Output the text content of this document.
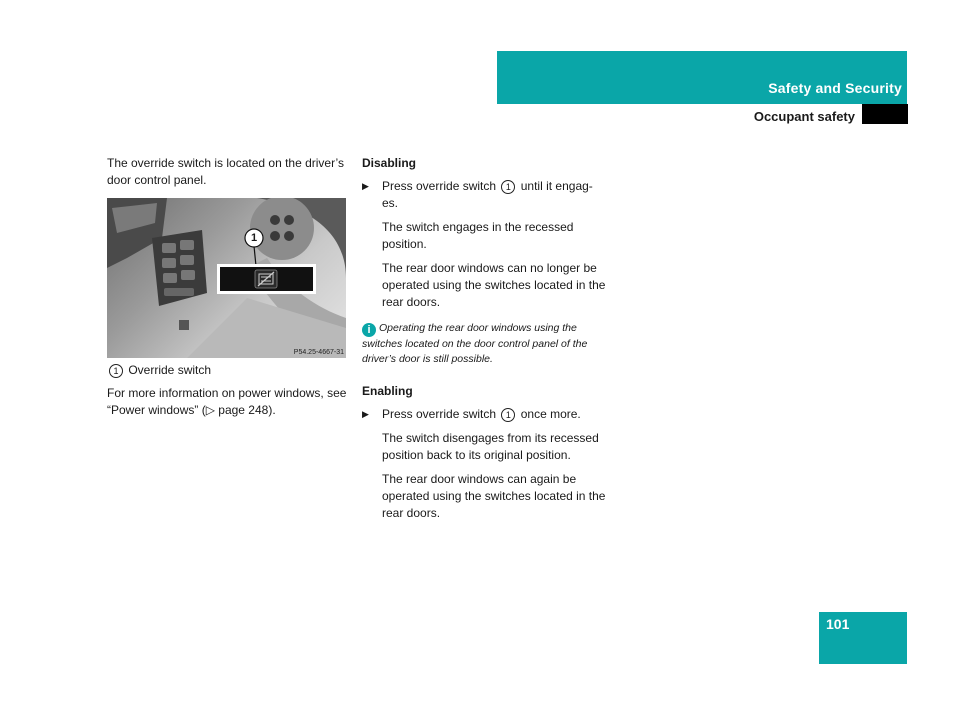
Safety and Security
Occupant safety

The override switch is located on the driver’s door control panel.

1
P54.25-4667-31

1 Override switch

For more information on power windows, see “Power windows” (▷ page 248).

Disabling

▶ Press override switch 1 until it engag-es.

The switch engages in the recessed position.

The rear door windows can no longer be operated using the switches located in the rear doors.

i Operating the rear door windows using the switches located on the door control panel of the driver’s door is still possible.

Enabling

▶ Press override switch 1 once more.

The switch disengages from its recessed position back to its original position.

The rear door windows can again be operated using the switches located in the rear doors.

101
